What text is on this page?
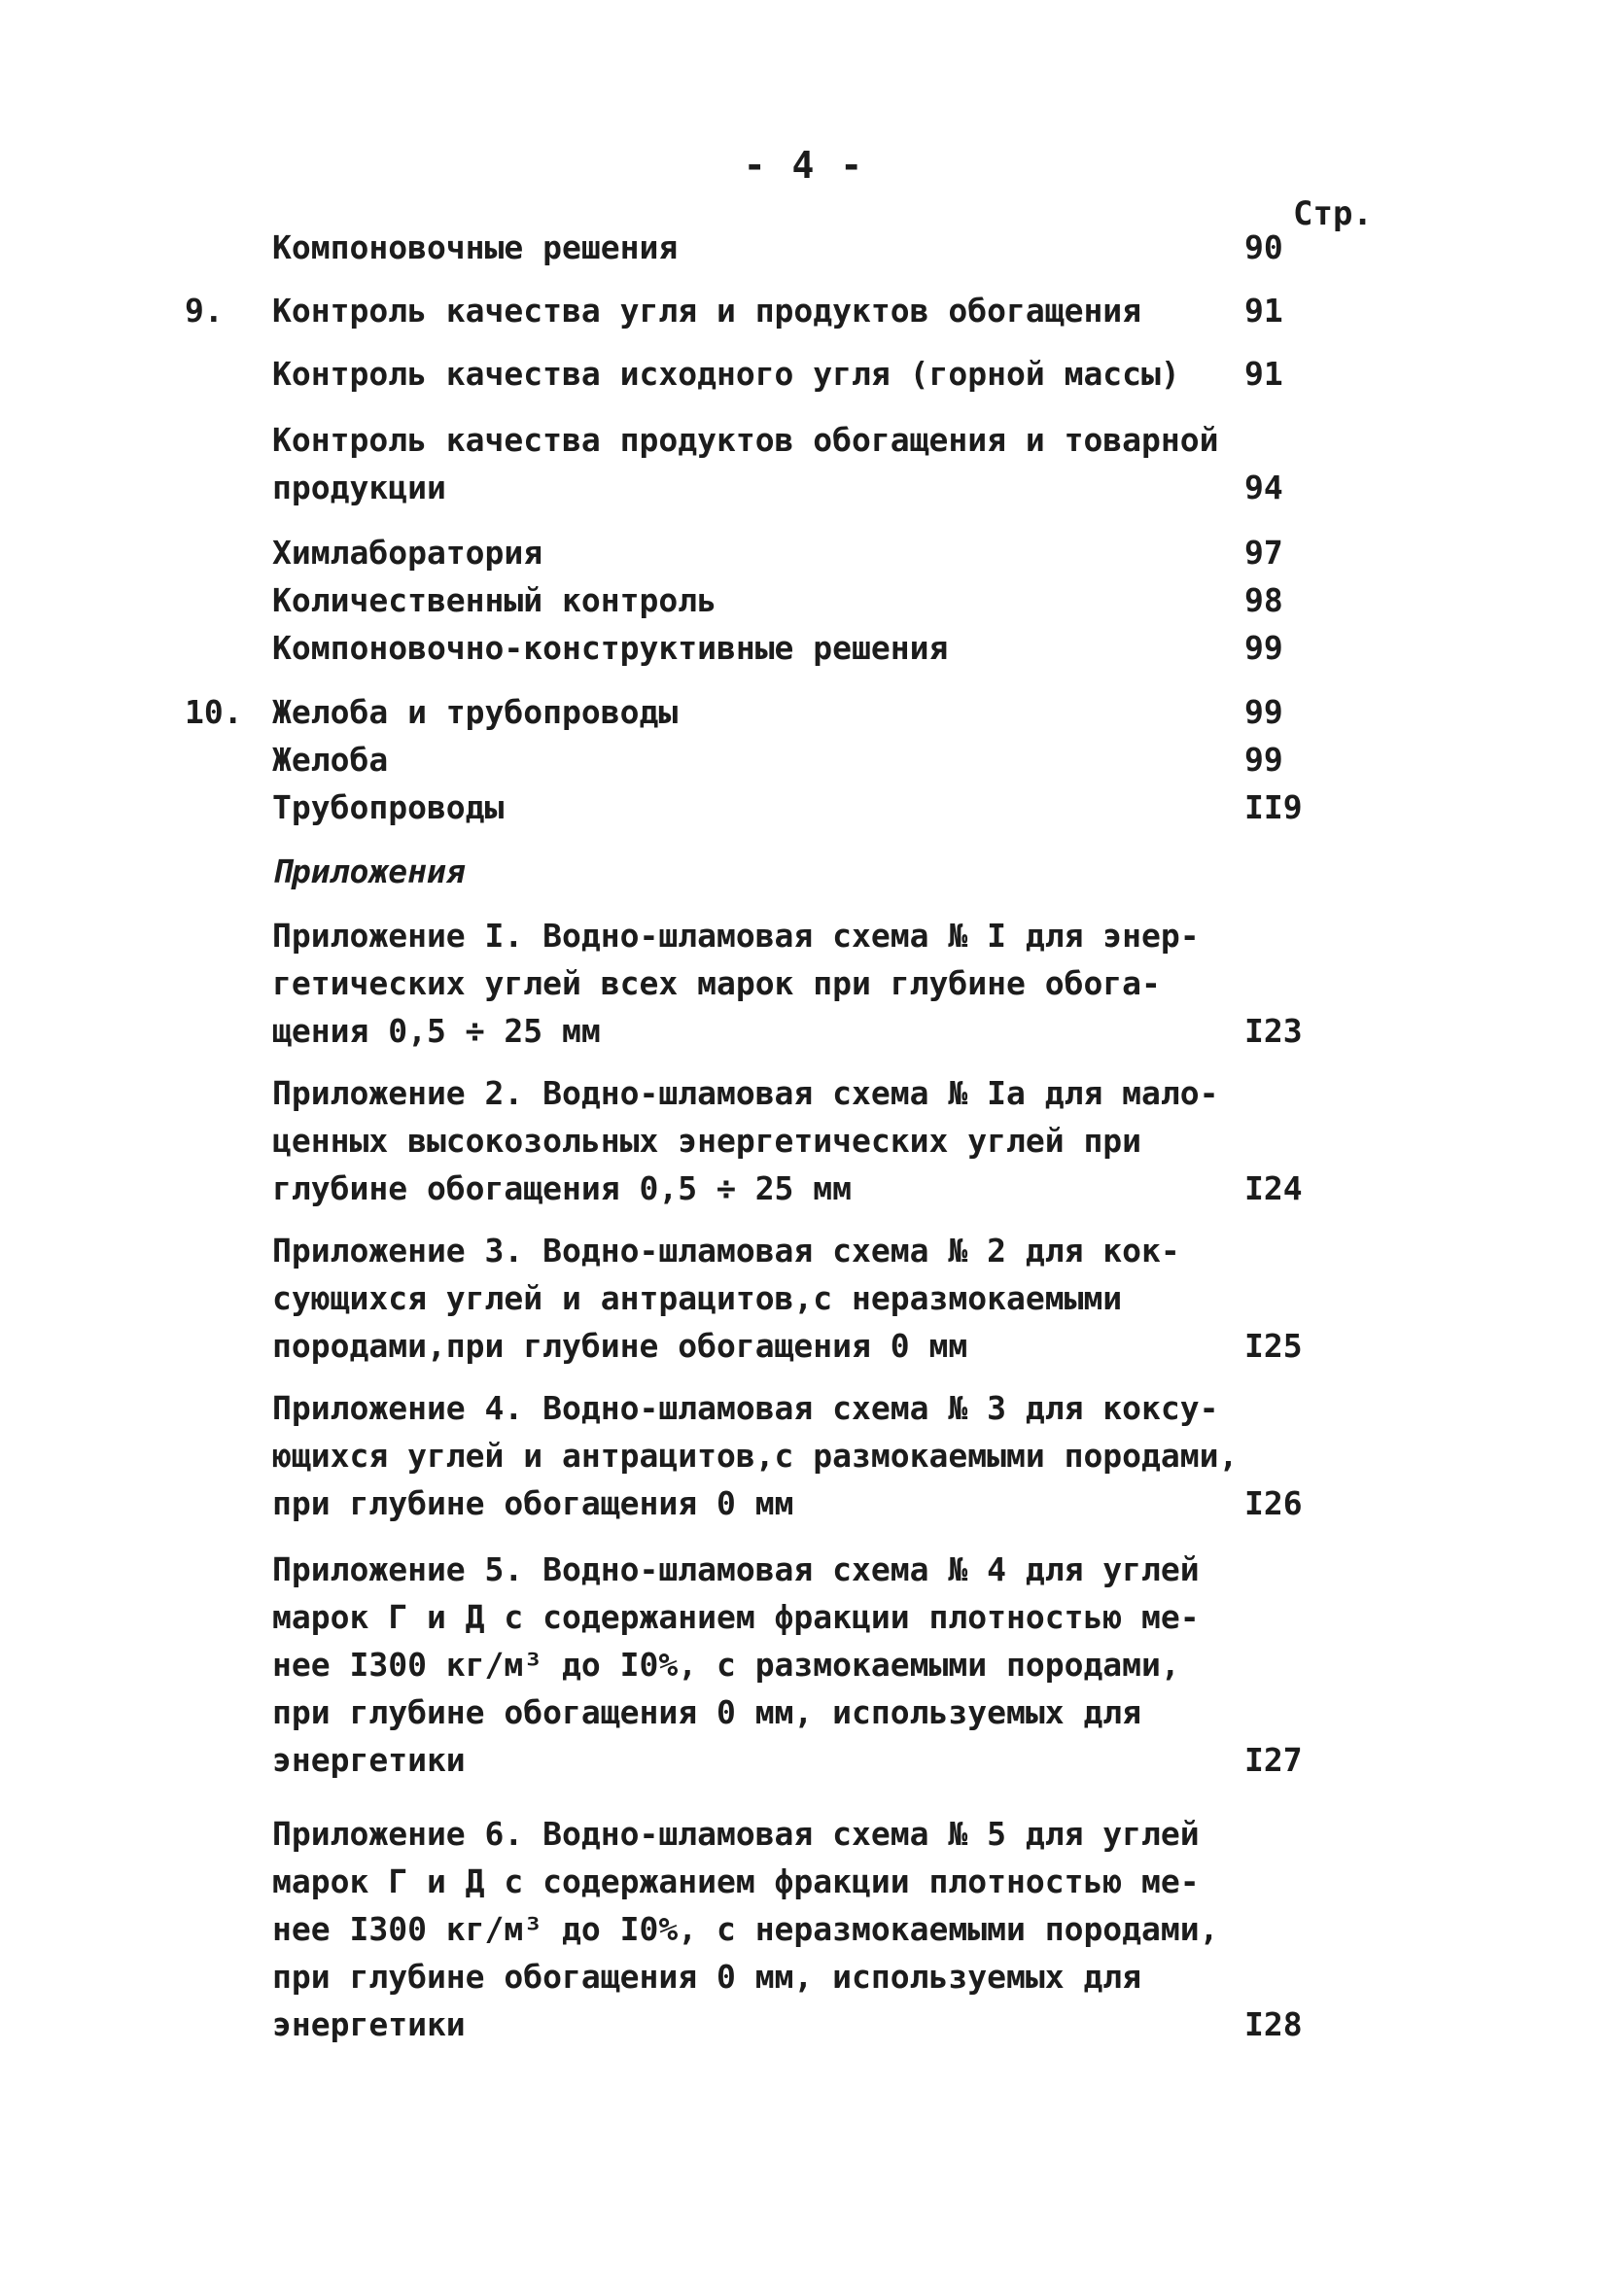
- 4 -
Стр.
Компоновочные решения	90
9. Контроль качества угля и продуктов обогащения	91
Контроль качества исходного угля (горной массы)	91
Контроль качества продуктов обогащения и товарной
продукции	94
Химлаборатория	97
Количественный контроль	98
Компоновочно-конструктивные решения	99
10. Желоба и трубопроводы	99
Желоба	99
Трубопроводы	II9
Приложения
Приложение I. Водно-шламовая схема № I для энер-
гетических углей всех марок при глубине обога-
щения 0,5 ÷ 25 мм	I23
Приложение 2. Водно-шламовая схема № Iа для мало-
ценных высокозольных энергетических углей при
глубине обогащения 0,5 ÷ 25 мм	I24
Приложение 3. Водно-шламовая схема № 2 для кок-
сующихся углей и антрацитов,с неразмокаемыми
породами,при глубине обогащения 0 мм	I25
Приложение 4. Водно-шламовая схема № 3 для коксу-
ющихся углей и антрацитов,с размокаемыми породами,
при глубине обогащения 0 мм	I26
Приложение 5. Водно-шламовая схема № 4 для углей
марок Г и Д с содержанием фракции плотностью ме-
нее I300 кг/м³ до I0%, с размокаемыми породами,
при глубине обогащения 0 мм, используемых для
энергетики	I27
Приложение 6. Водно-шламовая схема № 5 для углей
марок Г и Д с содержанием фракции плотностью ме-
нее I300 кг/м³ до I0%, с неразмокаемыми породами,
при глубине обогащения 0 мм, используемых для
энергетики	I28
